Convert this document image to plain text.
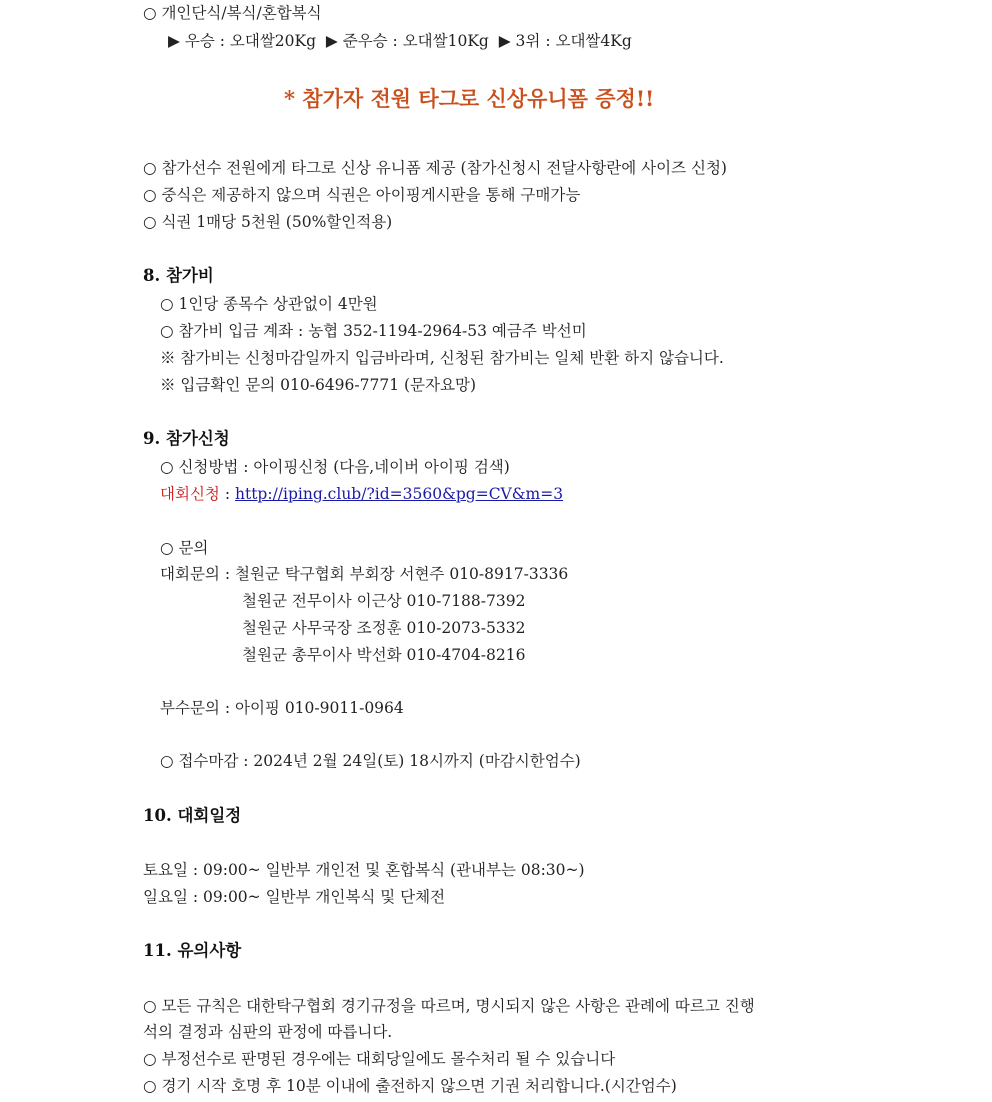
○ 개인단식/복식/혼합복식
▶ 우승 : 오대쌀20Kg  ▶ 준우승 : 오대쌀10Kg  ▶ 3위 : 오대쌀4Kg
* 참가자 전원 타그로 신상유니폼 증정!!
○ 참가선수 전원에게 타그로 신상 유니폼 제공 (참가신청시 전달사항란에 사이즈 신청)
○ 중식은 제공하지 않으며 식권은 아이핑게시판을 통해 구매가능
○ 식권 1매당 5천원 (50%할인적용)
8. 참가비
○ 1인당 종목수 상관없이 4만원
○ 참가비 입금 계좌 : 농협 352-1194-2964-53 예금주 박선미
※ 참가비는 신청마감일까지 입금바라며, 신청된 참가비는 일체 반환 하지 않습니다.
※ 입금확인 문의 010-6496-7771 (문자요망)
9. 참가신청
○ 신청방법 : 아이핑신청 (다음,네이버 아이핑 검색)
대회신청 : http://iping.club/?id=3560&pg=CV&m=3
○ 문의
대회문의 : 철원군 탁구협회 부회장 서현주 010-8917-3336
철원군 전무이사 이근상 010-7188-7392
철원군 사무국장 조정훈 010-2073-5332
철원군 총무이사 박선화 010-4704-8216
부수문의 : 아이핑 010-9011-0964
○ 접수마감 : 2024년 2월 24일(토) 18시까지 (마감시한엄수)
10. 대회일정
토요일 : 09:00~ 일반부 개인전 및 혼합복식 (관내부는 08:30~)
일요일 : 09:00~ 일반부 개인복식 및 단체전
11. 유의사항
○ 모든 규칙은 대한탁구협회 경기규정을 따르며, 명시되지 않은 사항은 관례에 따르고 진행
석의 결정과 심판의 판정에 따릅니다.
○ 부정선수로 판명된 경우에는 대회당일에도 몰수처리 될 수 있습니다
○ 경기 시작 호명 후 10분 이내에 출전하지 않으면 기권 처리합니다.(시간엄수)
